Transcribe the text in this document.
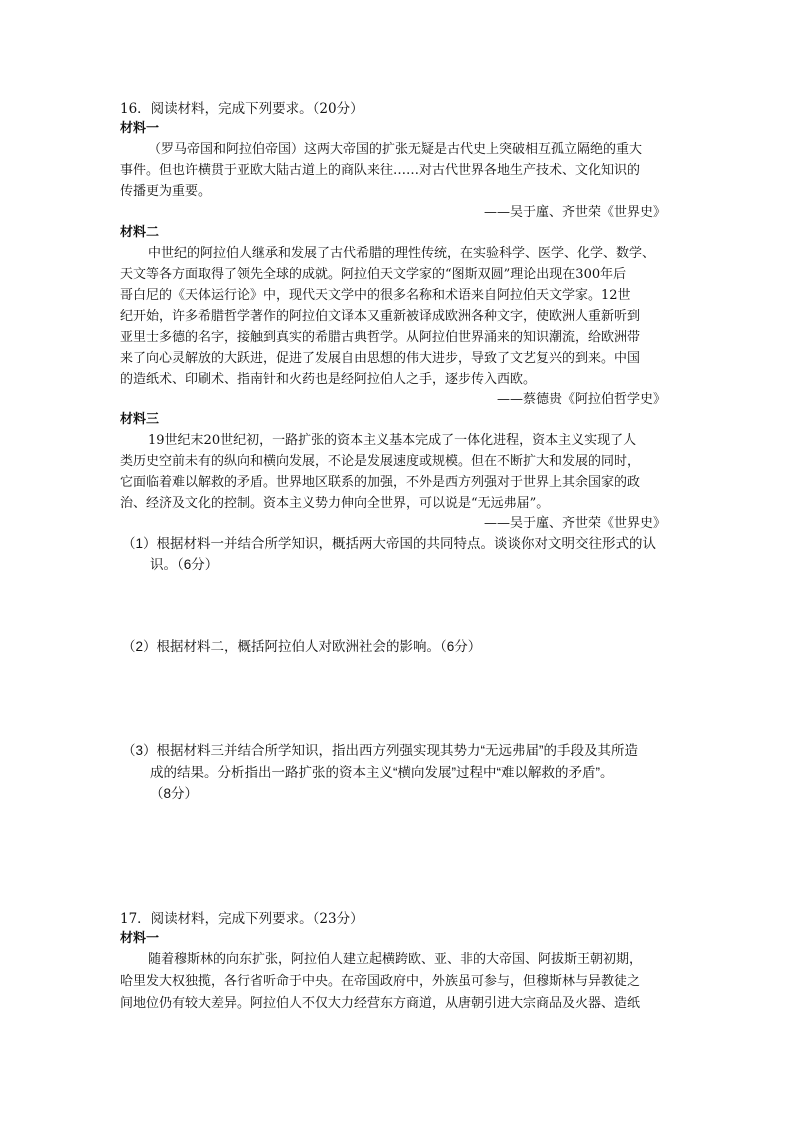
16．阅读材料，完成下列要求。（20分）
材料一
（罗马帝国和阿拉伯帝国）这两大帝国的扩张无疑是古代史上突破相互孤立隔绝的重大
事件。但也许横贯于亚欧大陆古道上的商队来往……对古代世界各地生产技术、文化知识的
传播更为重要。
——吴于廑、齐世荣《世界史》
材料二
中世纪的阿拉伯人继承和发展了古代希腊的理性传统，在实验科学、医学、化学、数学、
天文等各方面取得了领先全球的成就。阿拉伯天文学家的“图斯双圆”理论出现在300年后
哥白尼的《天体运行论》中，现代天文学中的很多名称和术语来自阿拉伯天文学家。12世
纪开始，许多希腊哲学著作的阿拉伯文译本又重新被译成欧洲各种文字，使欧洲人重新听到
亚里士多德的名字，接触到真实的希腊古典哲学。从阿拉伯世界涌来的知识潮流，给欧洲带
来了向心灵解放的大跃进，促进了发展自由思想的伟大进步，导致了文艺复兴的到来。中国
的造纸术、印刷术、指南针和火药也是经阿拉伯人之手，逐步传入西欧。
——蔡德贵《阿拉伯哲学史》
材料三
19世纪末20世纪初，一路扩张的资本主义基本完成了一体化进程，资本主义实现了人
类历史空前未有的纵向和横向发展，不论是发展速度或规模。但在不断扩大和发展的同时，
它面临着难以解救的矛盾。世界地区联系的加强，不外是西方列强对于世界上其余国家的政
治、经济及文化的控制。资本主义势力伸向全世界，可以说是“无远弗届”。
——吴于廑、齐世荣《世界史》
（1）根据材料一并结合所学知识，概括两大帝国的共同特点。谈谈你对文明交往形式的认
识。（6分）
（2）根据材料二，概括阿拉伯人对欧洲社会的影响。（6分）
（3）根据材料三并结合所学知识，指出西方列强实现其势力“无远弗届”的手段及其所造
成的结果。分析指出一路扩张的资本主义“横向发展”过程中“难以解救的矛盾”。
（8分）
17．阅读材料，完成下列要求。（23分）
材料一
随着穆斯林的向东扩张，阿拉伯人建立起横跨欧、亚、非的大帝国、阿拔斯王朝初期，
哈里发大权独揽，各行省听命于中央。在帝国政府中，外族虽可参与，但穆斯林与异教徒之
间地位仍有较大差异。阿拉伯人不仅大力经营东方商道，从唐朝引进大宗商品及火器、造纸
